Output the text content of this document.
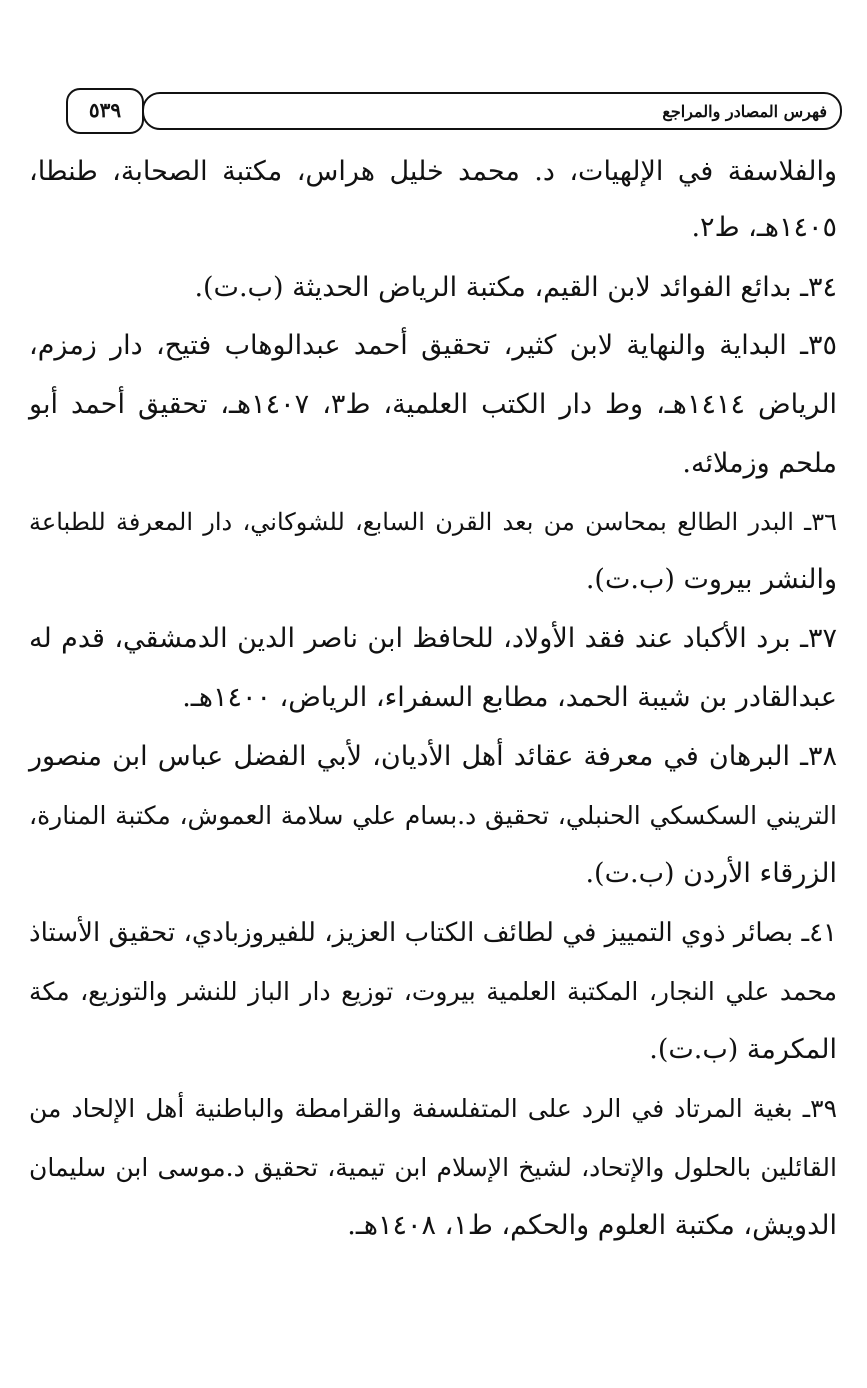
فهرس المصادر والمراجع
٥٣٩
والفلاسفة في الإلهيات، د. محمد خليل هراس، مكتبة الصحابة، طنطا،
١٤٠٥هـ، ط٢.
٣٤ـ بدائع الفوائد لابن القيم، مكتبة الرياض الحديثة (ب.ت).
٣٥ـ البداية والنهاية لابن كثير، تحقيق أحمد عبدالوهاب فتيح، دار زمزم،
الرياض ١٤١٤هـ، وط دار الكتب العلمية، ط٣، ١٤٠٧هـ، تحقيق أحمد أبو
ملحم وزملائه.
٣٦ـ البدر الطالع بمحاسن من بعد القرن السابع، للشوكاني، دار المعرفة للطباعة
والنشر بيروت (ب.ت).
٣٧ـ برد الأكباد عند فقد الأولاد، للحافظ ابن ناصر الدين الدمشقي، قدم له
عبدالقادر بن شيبة الحمد، مطابع السفراء، الرياض، ١٤٠٠هـ.
٣٨ـ البرهان في معرفة عقائد أهل الأديان، لأبي الفضل عباس ابن منصور
التريني السكسكي الحنبلي، تحقيق د.بسام علي سلامة العموش، مكتبة المنارة،
الزرقاء الأردن (ب.ت).
٤١ـ بصائر ذوي التمييز في لطائف الكتاب العزيز، للفيروزبادي، تحقيق الأستاذ
محمد علي النجار، المكتبة العلمية بيروت، توزيع دار الباز للنشر والتوزيع، مكة
المكرمة (ب.ت).
٣٩ـ بغية المرتاد في الرد على المتفلسفة والقرامطة والباطنية أهل الإلحاد من
القائلين بالحلول والإتحاد، لشيخ الإسلام ابن تيمية، تحقيق د.موسى ابن سليمان
الدويش، مكتبة العلوم والحكم، ط١، ١٤٠٨هـ.
